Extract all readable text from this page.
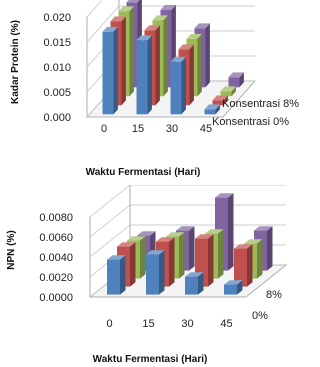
0.000
0.005
0.010
0.015
0.020
0 15 30 45
Kadar Protein (%)
Waktu Fermentasi (Hari)
Konsentrasi 8%
Konsentrasi 0%
0.0000
0.0020
0.0040
0.0060
0.0080
0	15 30 45
NPN (%)
Waktu Fermentasi (Hari)
8%
0%
